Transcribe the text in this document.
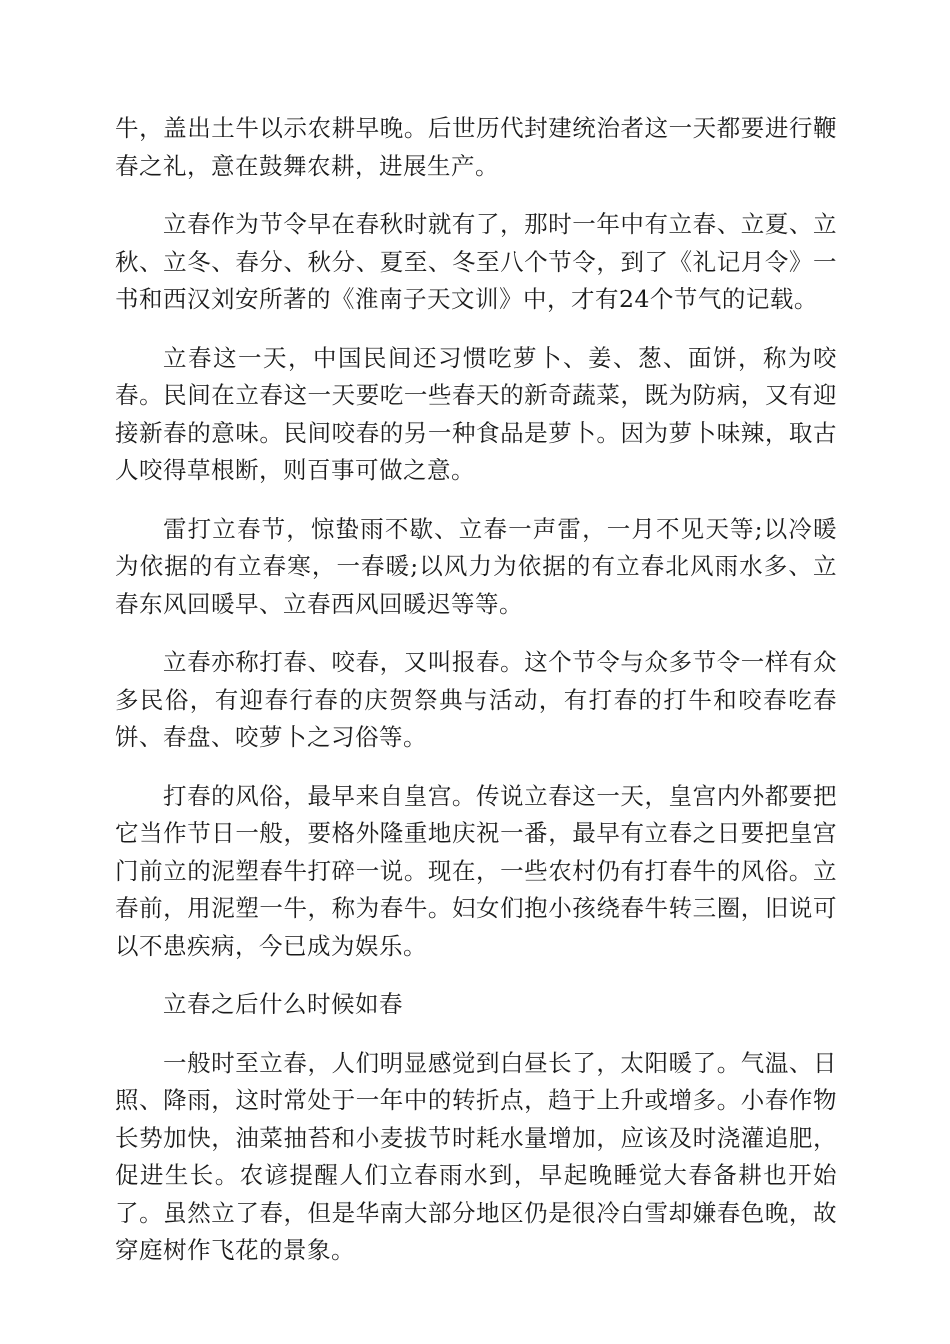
牛，盖出土牛以示农耕早晚。后世历代封建统治者这一天都要进行鞭春之礼，意在鼓舞农耕，进展生产。

立春作为节令早在春秋时就有了，那时一年中有立春、立夏、立秋、立冬、春分、秋分、夏至、冬至八个节令，到了《礼记月令》一书和西汉刘安所著的《淮南子天文训》中，才有24个节气的记载。

立春这一天，中国民间还习惯吃萝卜、姜、葱、面饼，称为咬春。民间在立春这一天要吃一些春天的新奇蔬菜，既为防病，又有迎接新春的意味。民间咬春的另一种食品是萝卜。因为萝卜味辣，取古人咬得草根断，则百事可做之意。

雷打立春节，惊蛰雨不歇、立春一声雷，一月不见天等;以冷暖为依据的有立春寒，一春暖;以风力为依据的有立春北风雨水多、立春东风回暖早、立春西风回暖迟等等。

立春亦称打春、咬春，又叫报春。这个节令与众多节令一样有众多民俗，有迎春行春的庆贺祭典与活动，有打春的打牛和咬春吃春饼、春盘、咬萝卜之习俗等。

打春的风俗，最早来自皇宫。传说立春这一天，皇宫内外都要把它当作节日一般，要格外隆重地庆祝一番，最早有立春之日要把皇宫门前立的泥塑春牛打碎一说。现在，一些农村仍有打春牛的风俗。立春前，用泥塑一牛，称为春牛。妇女们抱小孩绕春牛转三圈，旧说可以不患疾病，今已成为娱乐。

立春之后什么时候如春

一般时至立春，人们明显感觉到白昼长了，太阳暖了。气温、日照、降雨，这时常处于一年中的转折点，趋于上升或增多。小春作物长势加快，油菜抽苔和小麦拔节时耗水量增加，应该及时浇灌追肥，促进生长。农谚提醒人们立春雨水到，早起晚睡觉大春备耕也开始了。虽然立了春，但是华南大部分地区仍是很冷白雪却嫌春色晚，故穿庭树作飞花的景象。
